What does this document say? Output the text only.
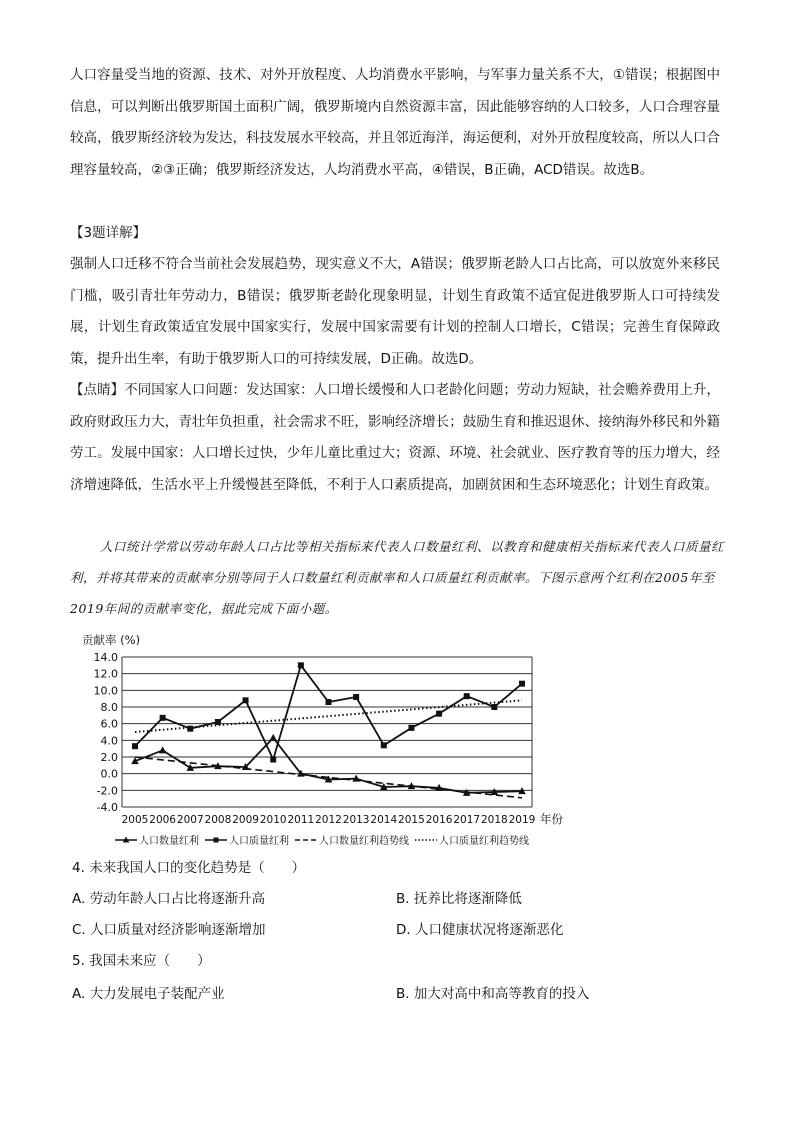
人口容量受当地的资源、技术、对外开放程度、人均消费水平影响，与军事力量关系不大，①错误；根据图中信息，可以判断出俄罗斯国土面积广阔，俄罗斯境内自然资源丰富，因此能够容纳的人口较多，人口合理容量较高，俄罗斯经济较为发达，科技发展水平较高，并且邻近海洋，海运便利，对外开放程度较高，所以人口合理容量较高，②③正确；俄罗斯经济发达，人均消费水平高，④错误，B正确，ACD错误。故选B。

【3题详解】

强制人口迁移不符合当前社会发展趋势，现实意义不大，A错误；俄罗斯老龄人口占比高，可以放宽外来移民门槛，吸引青壮年劳动力，B错误；俄罗斯老龄化现象明显，计划生育政策不适宜促进俄罗斯人口可持续发展，计划生育政策适宜发展中国家实行，发展中国家需要有计划的控制人口增长，C错误；完善生育保障政策，提升出生率，有助于俄罗斯人口的可持续发展，D正确。故选D。

【点睛】不同国家人口问题：发达国家：人口增长缓慢和人口老龄化问题；劳动力短缺，社会赡养费用上升，政府财政压力大，青壮年负担重，社会需求不旺，影响经济增长；鼓励生育和推迟退休、接纳海外移民和外籍劳工。发展中国家：人口增长过快，少年儿童比重过大；资源、环境、社会就业、医疗教育等的压力增大，经济增速降低，生活水平上升缓慢甚至降低，不利于人口素质提高，加剧贫困和生态环境恶化；计划生育政策。

人口统计学常以劳动年龄人口占比等相关指标来代表人口数量红利、以教育和健康相关指标来代表人口质量红利，并将其带来的贡献率分别等同于人口数量红利贡献率和人口质量红利贡献率。下图示意两个红利在2005年至2019年间的贡献率变化，据此完成下面小题。

贡献率 (%)
14.0
12.0
10.0
8.0
6.0
4.0
2.0
0.0
-2.0
-4.0
2005 2006 2007 2008 2009 2010 2011 2012 2013 2014 2015 2016 2017 2018 2019 年份
人口数量红利	人口质量红利	人口数量红利趋势线	人口质量红利趋势线

4. 未来我国人口的变化趋势是（　　）

A. 劳动年龄人口占比将逐渐升高	B. 抚养比将逐渐降低

C. 人口质量对经济影响逐渐增加	D. 人口健康状况将逐渐恶化

5. 我国未来应（　　）

A. 大力发展电子装配产业	B. 加大对高中和高等教育的投入
